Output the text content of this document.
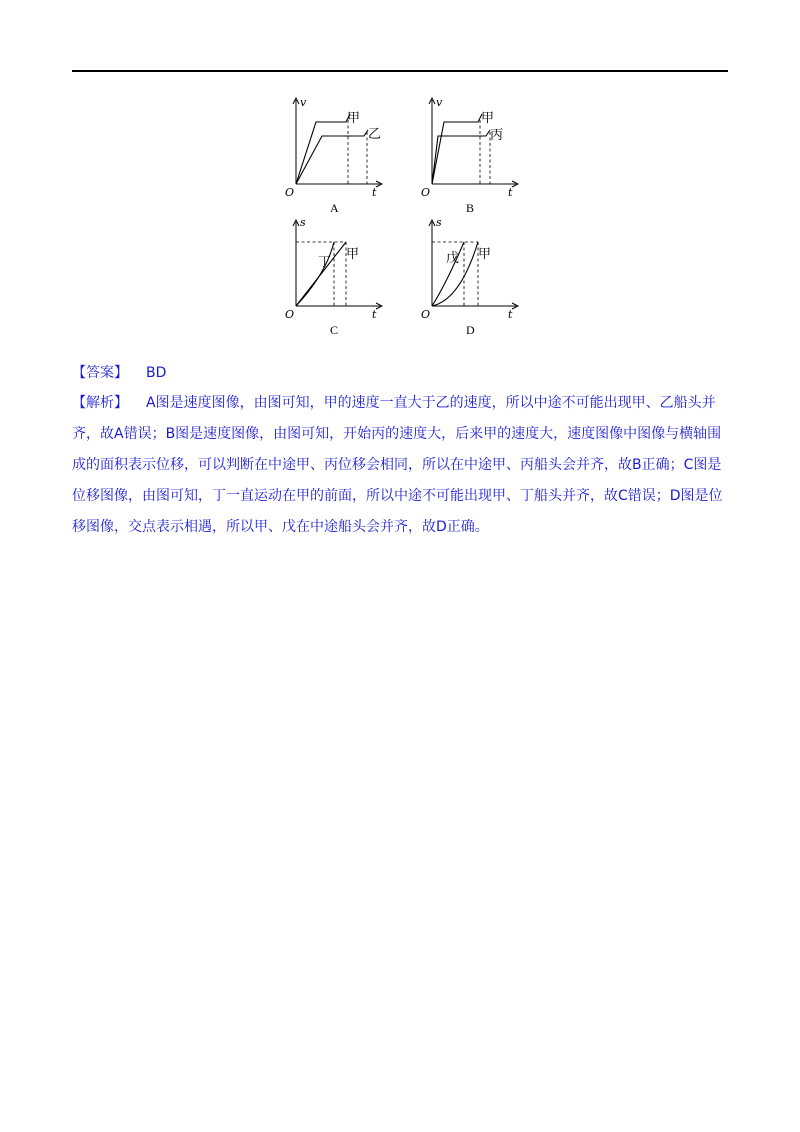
v
t
O
甲
乙
A
v
t
O
甲
丙
B
s
t
O
丁
甲
C
s
t
O
戊 甲
D
【答案】 BD
【解析】 A图是速度图像，由图可知，甲的速度一直大于乙的速度，所以中途不可能出现甲、乙船头并齐，故A错误；B图是速度图像，由图可知，开始丙的速度大，后来甲的速度大，速度图像中图像与横轴围成的面积表示位移，可以判断在中途甲、丙位移会相同，所以在中途甲、丙船头会并齐，故B正确；C图是位移图像，由图可知，丁一直运动在甲的前面，所以中途不可能出现甲、丁船头并齐，故C错误；D图是位移图像，交点表示相遇，所以甲、戊在中途船头会并齐，故D正确。
